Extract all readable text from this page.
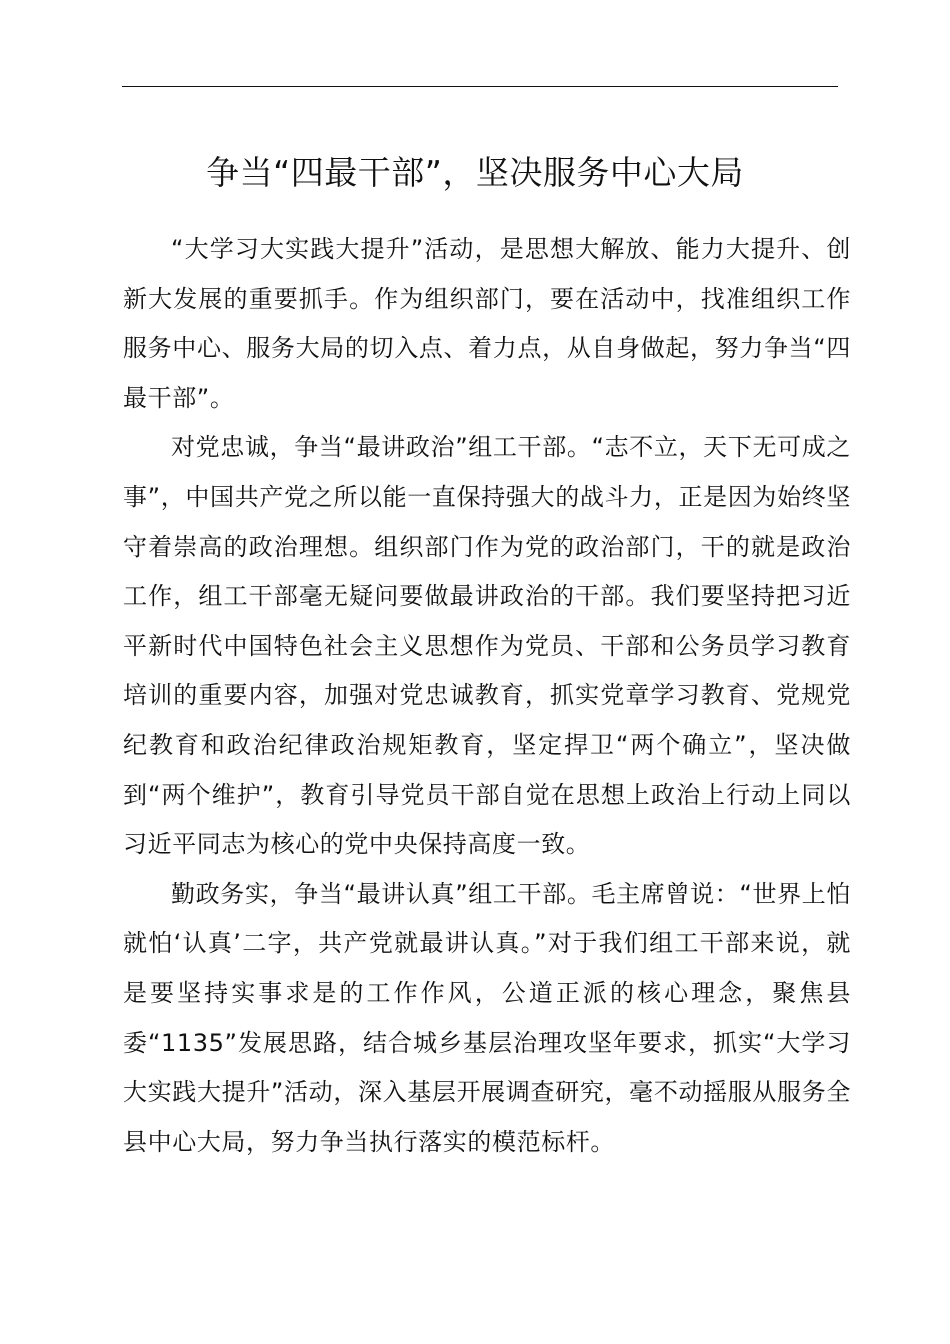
争当“四最干部”，坚决服务中心大局

“大学习大实践大提升”活动，是思想大解放、能力大提升、创新大发展的重要抓手。作为组织部门，要在活动中，找准组织工作服务中心、服务大局的切入点、着力点，从自身做起，努力争当“四最干部”。

对党忠诚，争当“最讲政治”组工干部。“志不立，天下无可成之事”，中国共产党之所以能一直保持强大的战斗力，正是因为始终坚守着崇高的政治理想。组织部门作为党的政治部门，干的就是政治工作，组工干部毫无疑问要做最讲政治的干部。我们要坚持把习近平新时代中国特色社会主义思想作为党员、干部和公务员学习教育培训的重要内容，加强对党忠诚教育，抓实党章学习教育、党规党纪教育和政治纪律政治规矩教育，坚定捍卫“两个确立”，坚决做到“两个维护”，教育引导党员干部自觉在思想上政治上行动上同以习近平同志为核心的党中央保持高度一致。

勤政务实，争当“最讲认真”组工干部。毛主席曾说：“世界上怕就怕‘认真’二字，共产党就最讲认真。”对于我们组工干部来说，就是要坚持实事求是的工作作风，公道正派的核心理念，聚焦县委“1135”发展思路，结合城乡基层治理攻坚年要求，抓实“大学习大实践大提升”活动，深入基层开展调查研究，毫不动摇服从服务全县中心大局，努力争当执行落实的模范标杆。
